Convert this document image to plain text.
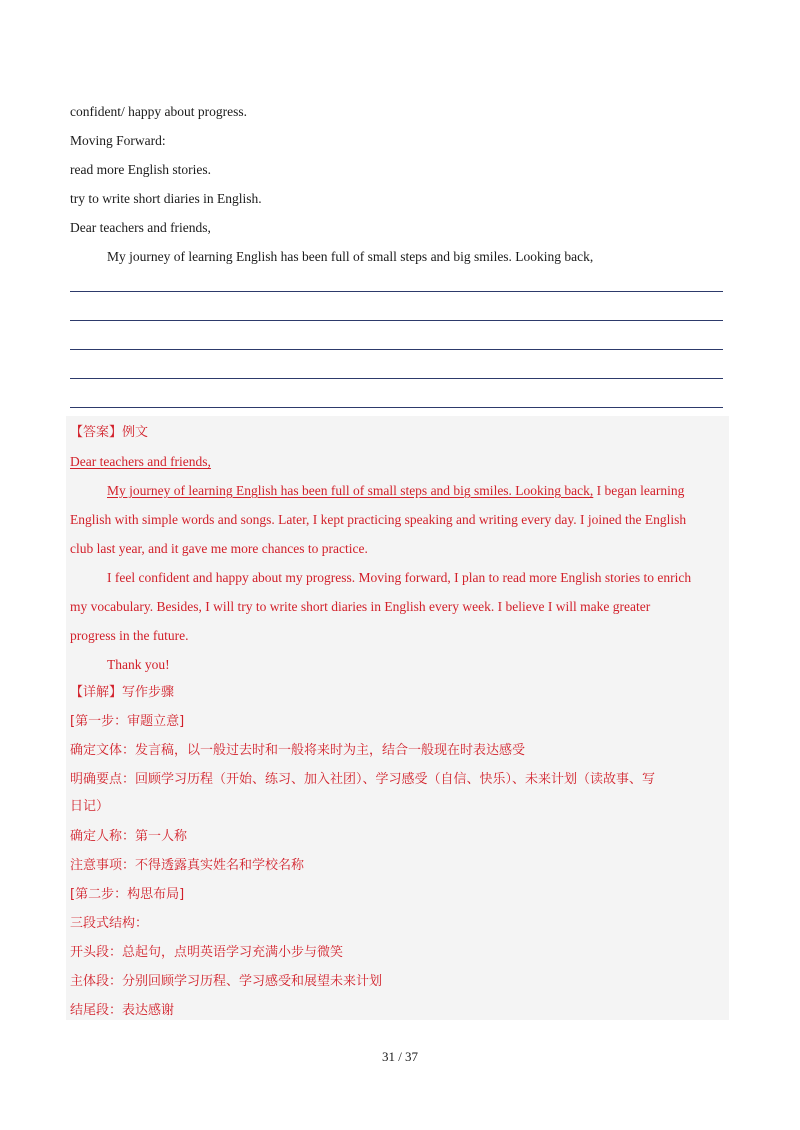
confident/ happy about progress.
Moving Forward:
read more English stories.
try to write short diaries in English.
Dear teachers and friends,
My journey of learning English has been full of small steps and big smiles. Looking back,
【答案】例文
Dear teachers and friends,
My journey of learning English has been full of small steps and big smiles. Looking back, I began learning
English with simple words and songs. Later, I kept practicing speaking and writing every day. I joined the English
club last year, and it gave me more chances to practice.
I feel confident and happy about my progress. Moving forward, I plan to read more English stories to enrich
my vocabulary. Besides, I will try to write short diaries in English every week. I believe I will make greater
progress in the future.
Thank you!
【详解】写作步骤
[第一步：审题立意]
确定文体：发言稿，以一般过去时和一般将来时为主，结合一般现在时表达感受
明确要点：回顾学习历程（开始、练习、加入社团）、学习感受（自信、快乐）、未来计划（读故事、写
日记）
确定人称：第一人称
注意事项：不得透露真实姓名和学校名称
[第二步：构思布局]
三段式结构：
开头段：总起句，点明英语学习充满小步与微笑
主体段：分别回顾学习历程、学习感受和展望未来计划
结尾段：表达感谢
31 / 37
